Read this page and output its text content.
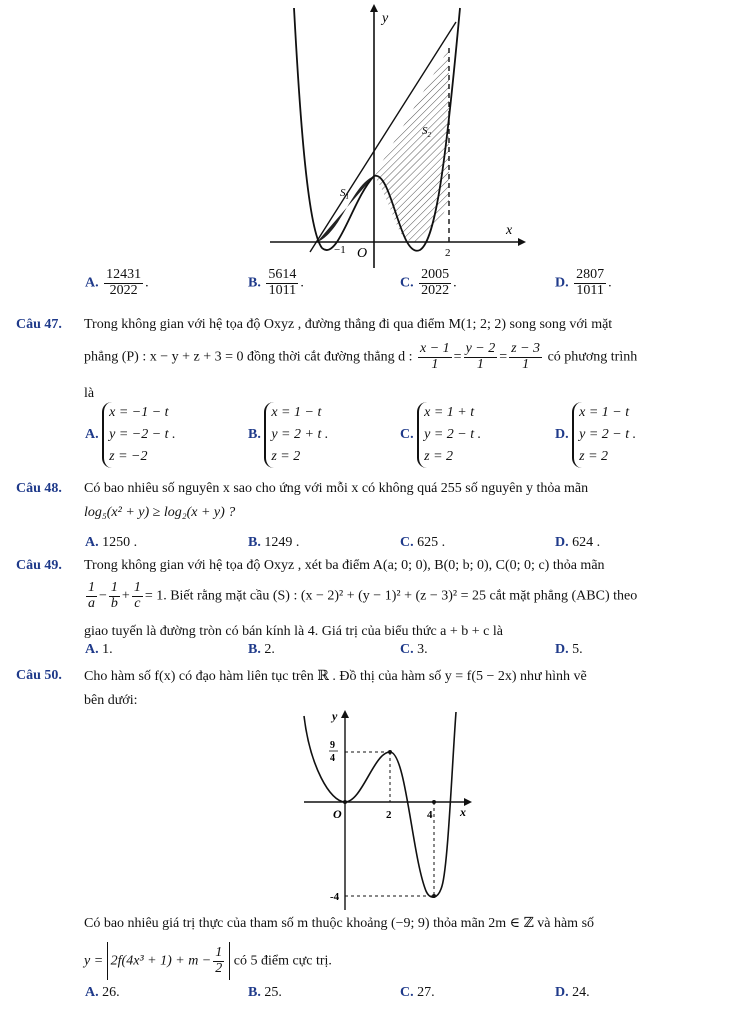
y
x
O
−1	2
$S_1$
$S_2$
A. $\frac{12431}{2022}$ .	B. $\frac{5614}{1011}$ .	C. $\frac{2005}{2022}$ .	D. $\frac{2807}{1011}$ .
Câu 47. Trong không gian với hệ tọa độ Oxyz , đường thẳng đi qua điểm M(1; 2; 2) song song với mặt
phẳng (P) : x − y + z + 3 = 0 đồng thời cắt đường thẳng d : $\frac{x - 1}{1} = \frac{y - 2}{1} = \frac{z - 3}{1}$ có phương trình
là
A. x = −1 − t
y = −2 − t .
z = −2
B. x = 1 − t
y = 2 + t .
z = 2
C. x = 1 + t
y = 2 − t .
z = 2
D. x = 1 − t
y = 2 − t .
z = 2
Câu 48. Có bao nhiêu số nguyên x sao cho ứng với mỗi x có không quá 255 số nguyên y thỏa mãn
log₅(x² + y) ≥ log₂(x + y) ?
A. 1250 .	B. 1249 .	C. 625 .	D. 624 .
Câu 49. Trong không gian với hệ tọa độ Oxyz , xét ba điểm A(a; 0; 0), B(0; b; 0), C(0; 0; c) thỏa mãn
$\frac{1}{a} - \frac{1}{b} + \frac{1}{c} = 1$. Biết rằng mặt cầu (S) : (x − 2)² + (y − 1)² + (z − 3)² = 25 cắt mặt phẳng (ABC) theo
giao tuyến là đường tròn có bán kính là 4. Giá trị của biểu thức a + b + c là
A. 1.	B. 2.	C. 3.	D. 5.
Câu 50. Cho hàm số f(x) có đạo hàm liên tục trên ℝ . Đồ thị của hàm số y = f(5 − 2x) như hình vẽ
bên dưới:
y
x
O	2	4
9
4
-4
Có bao nhiêu giá trị thực của tham số m thuộc khoảng (−9; 9) thỏa mãn 2m ∈ ℤ và hàm số
$y = 2f(4x^3 + 1) + m - \frac{1}{2}$ có 5 điểm cực trị.
A. 26.	B. 25.	C. 27.	D. 24.
